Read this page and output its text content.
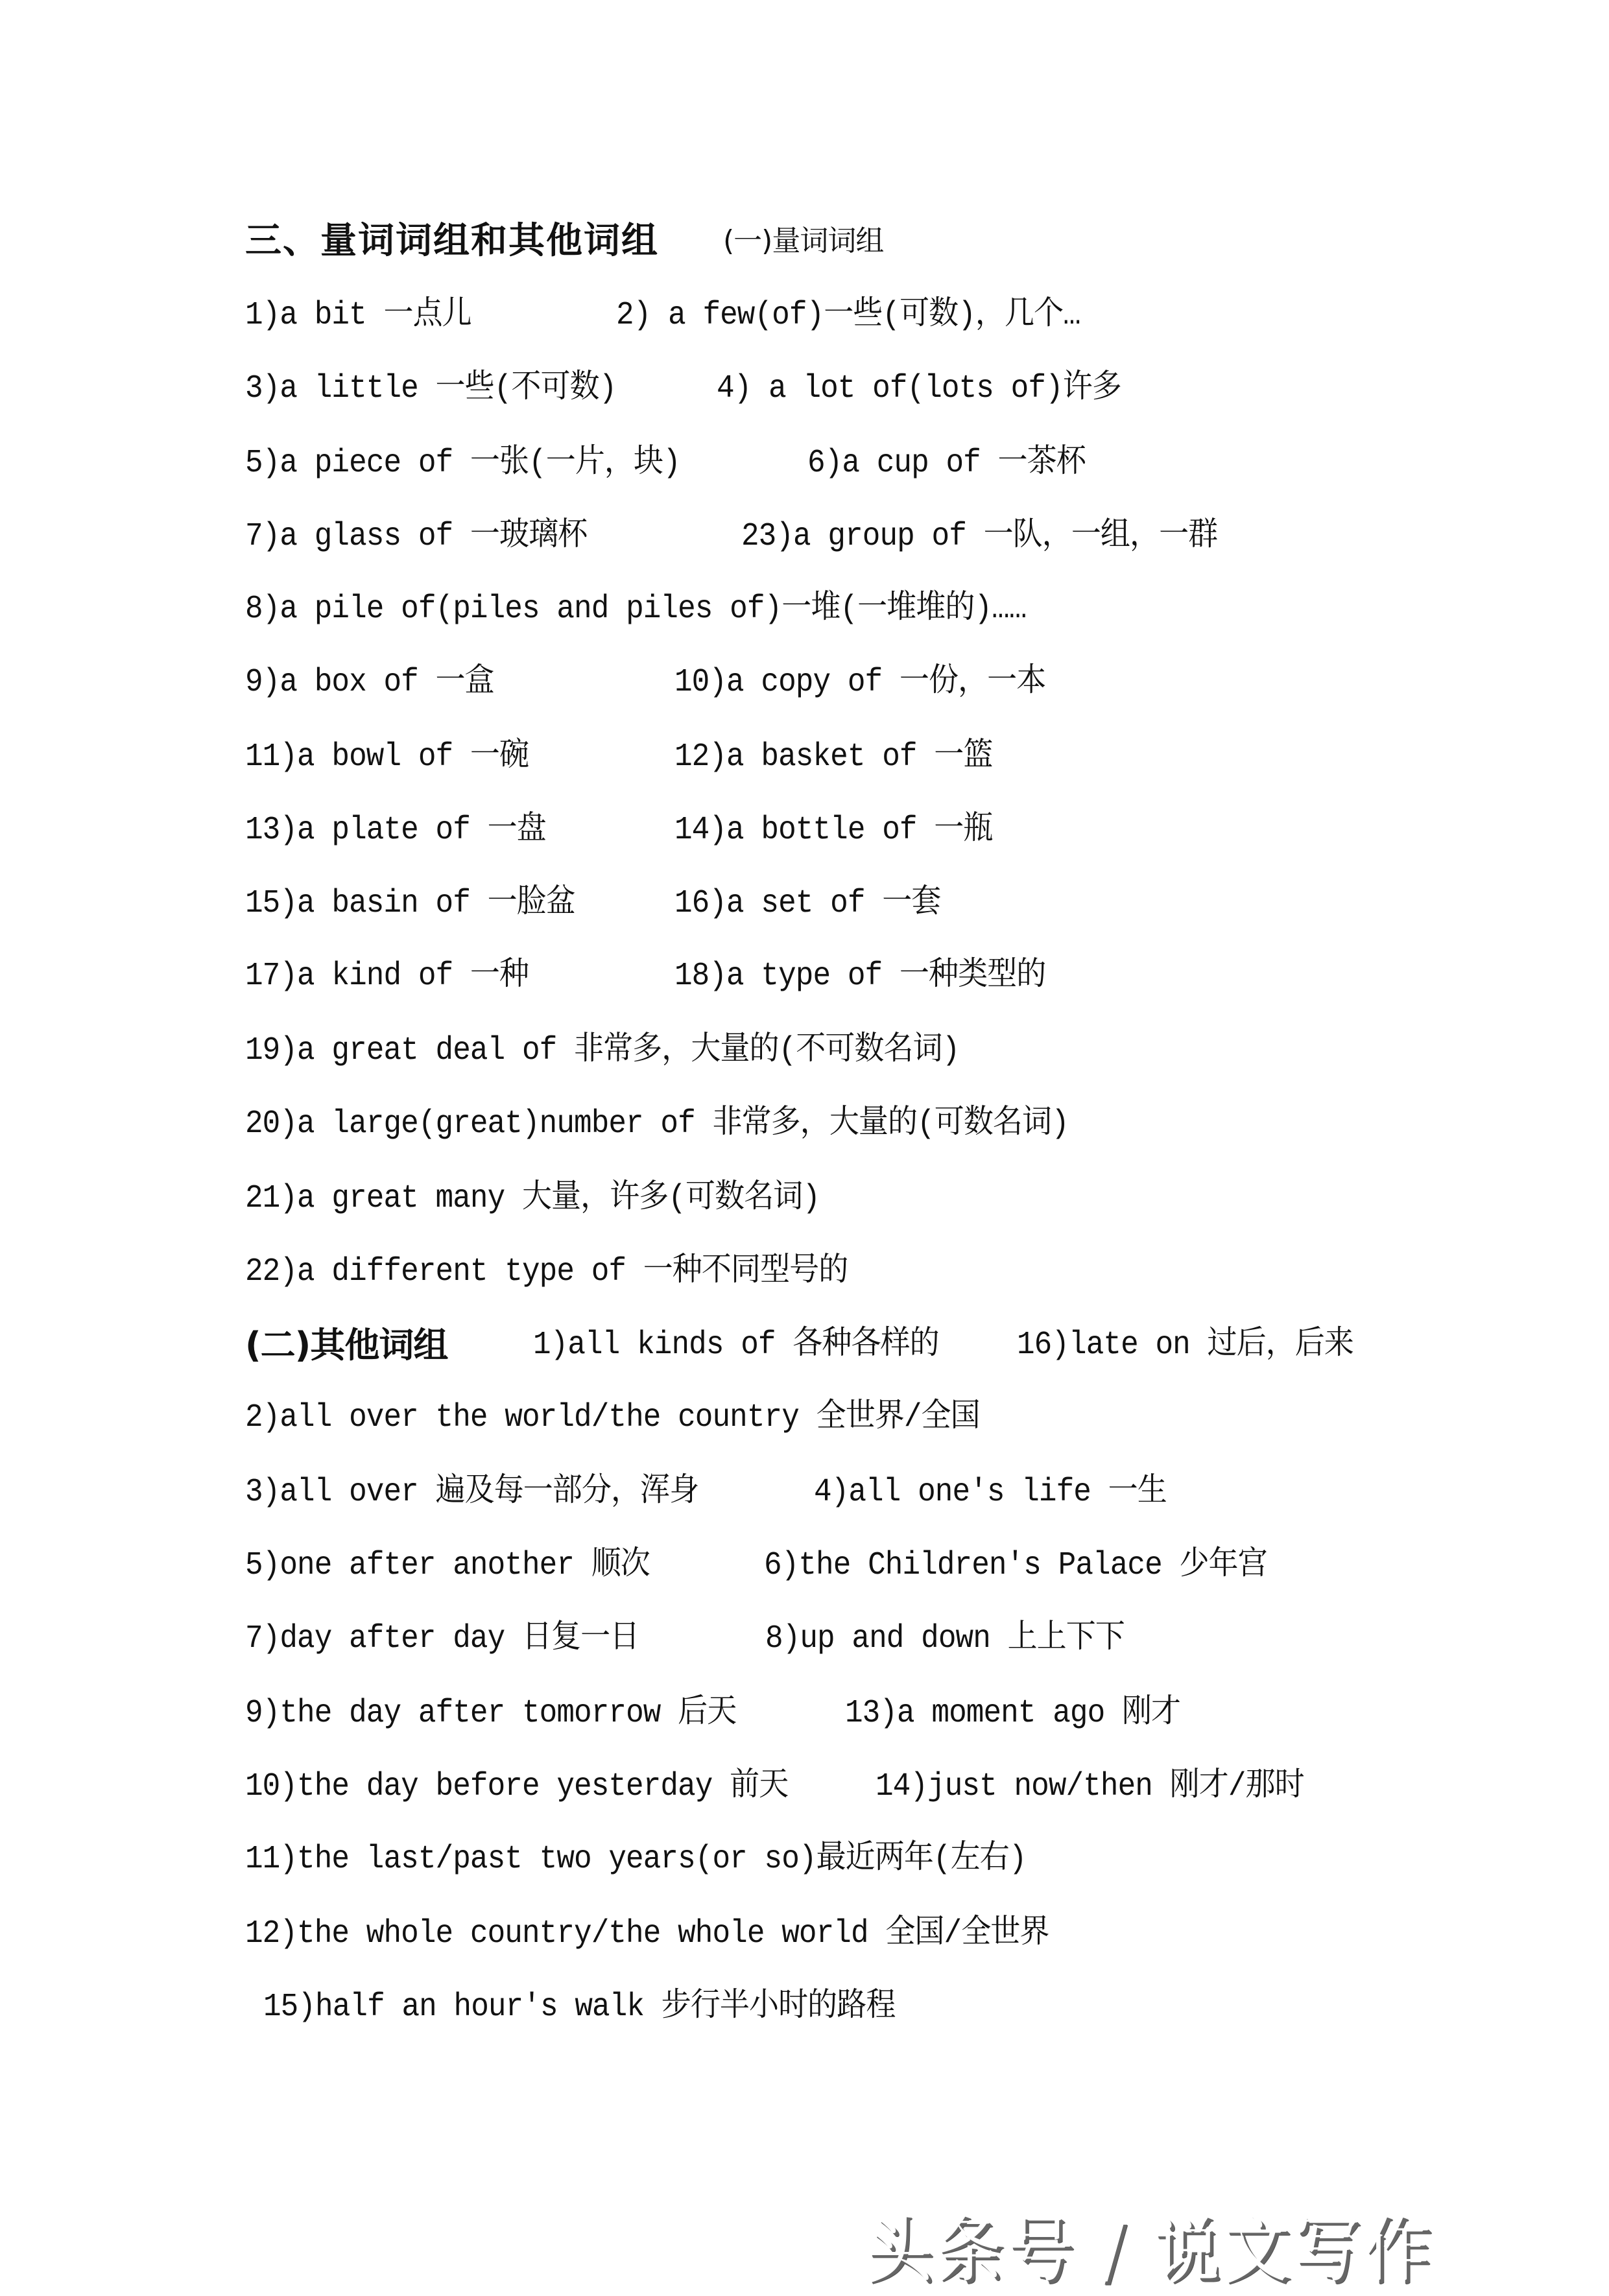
三、量词词组和其他词组 (一)量词词组
1)a bit 一点儿	2) a few(of)一些(可数)，几个…
3)a little 一些(不可数)	4) a lot of(lots of)许多
5)a piece of 一张(一片，块)	6)a cup of 一茶杯
7)a glass of 一玻璃杯	23)a group of 一队，一组，一群
8)a pile of(piles and piles of)一堆(一堆堆的)……
9)a box of 一盒	10)a copy of 一份，一本
11)a bowl of 一碗	12)a basket of 一篮
13)a plate of 一盘	14)a bottle of 一瓶
15)a basin of 一脸盆	16)a set of 一套
17)a kind of 一种	18)a type of 一种类型的
19)a great deal of 非常多，大量的(不可数名词)
20)a large(great)number of 非常多，大量的(可数名词)
21)a great many 大量，许多(可数名词)
22)a different type of 一种不同型号的
(二)其他词组	1)all kinds of 各种各样的 16)late on 过后，后来
2)all over the world/the country 全世界/全国
3)all over 遍及每一部分，浑身	4)all one's life 一生
5)one after another 顺次	6)the Children's Palace 少年宫
7)day after day 日复一日	8)up and down 上上下下
9)the day after tomorrow 后天	13)a moment ago 刚才
10)the day before yesterday 前天	14)just now/then 刚才/那时
11)the last/past two years(or so)最近两年(左右)
12)the whole country/the whole world 全国/全世界
15)half an hour's walk 步行半小时的路程
头条号 / 说文写作
